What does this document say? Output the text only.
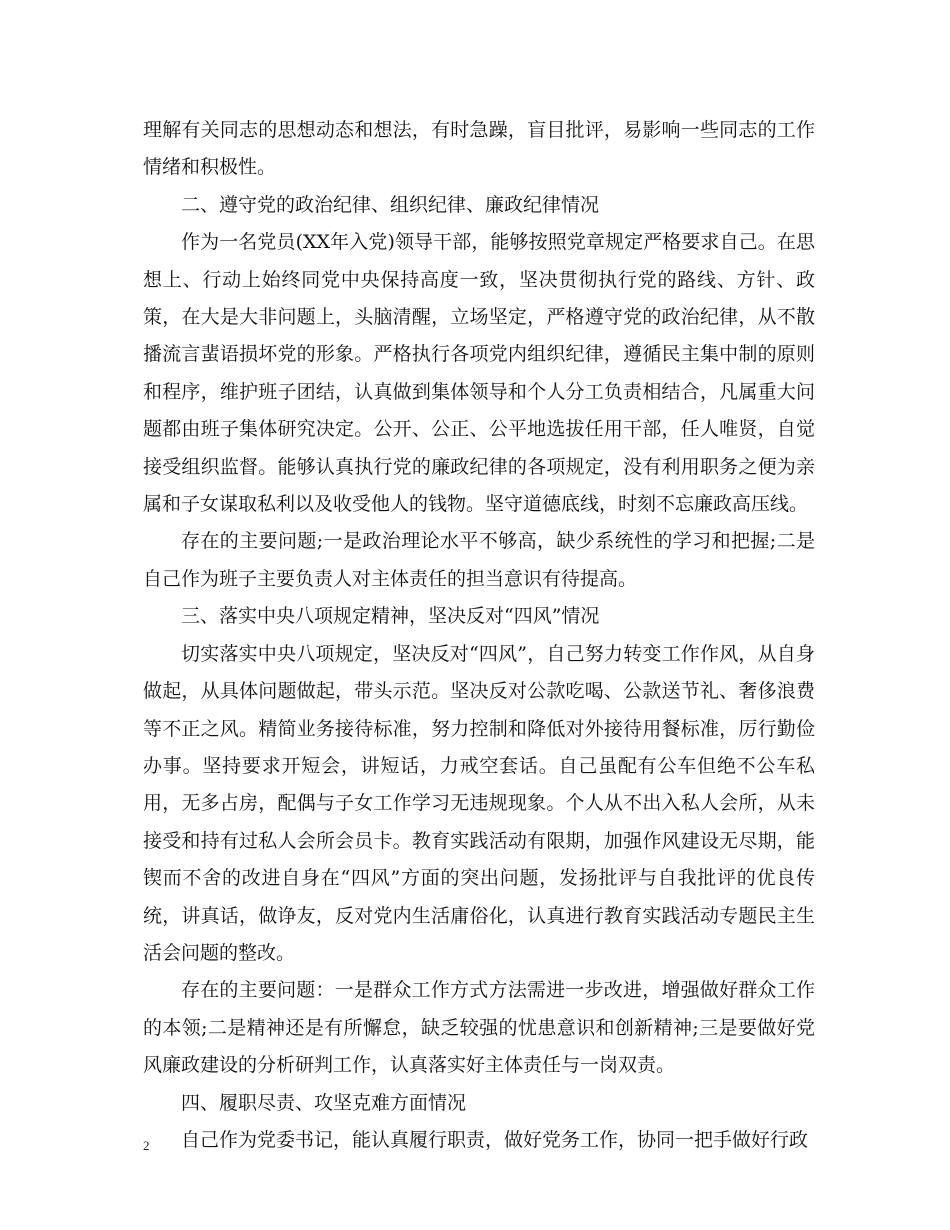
理解有关同志的思想动态和想法，有时急躁，盲目批评，易影响一些同志的工作情绪和积极性。

二、遵守党的政治纪律、组织纪律、廉政纪律情况

作为一名党员(XX年入党)领导干部，能够按照党章规定严格要求自己。在思想上、行动上始终同党中央保持高度一致，坚决贯彻执行党的路线、方针、政策，在大是大非问题上，头脑清醒，立场坚定，严格遵守党的政治纪律，从不散播流言蜚语损坏党的形象。严格执行各项党内组织纪律，遵循民主集中制的原则和程序，维护班子团结，认真做到集体领导和个人分工负责相结合，凡属重大问题都由班子集体研究决定。公开、公正、公平地选拔任用干部，任人唯贤，自觉接受组织监督。能够认真执行党的廉政纪律的各项规定，没有利用职务之便为亲属和子女谋取私利以及收受他人的钱物。坚守道德底线，时刻不忘廉政高压线。

存在的主要问题;一是政治理论水平不够高，缺少系统性的学习和把握;二是自己作为班子主要负责人对主体责任的担当意识有待提高。

三、落实中央八项规定精神，坚决反对“四风”情况

切实落实中央八项规定，坚决反对“四风”，自己努力转变工作作风，从自身做起，从具体问题做起，带头示范。坚决反对公款吃喝、公款送节礼、奢侈浪费等不正之风。精简业务接待标准，努力控制和降低对外接待用餐标准，厉行勤俭办事。坚持要求开短会，讲短话，力戒空套话。自己虽配有公车但绝不公车私用，无多占房，配偶与子女工作学习无违规现象。个人从不出入私人会所，从未接受和持有过私人会所会员卡。教育实践活动有限期，加强作风建设无尽期，能锲而不舍的改进自身在“四风”方面的突出问题，发扬批评与自我批评的优良传统，讲真话，做诤友，反对党内生活庸俗化，认真进行教育实践活动专题民主生活会问题的整改。

存在的主要问题：一是群众工作方式方法需进一步改进，增强做好群众工作的本领;二是精神还是有所懈怠，缺乏较强的忧患意识和创新精神;三是要做好党风廉政建设的分析研判工作，认真落实好主体责任与一岗双责。

四、履职尽责、攻坚克难方面情况

自己作为党委书记，能认真履行职责，做好党务工作，协同一把手做好行政

2
